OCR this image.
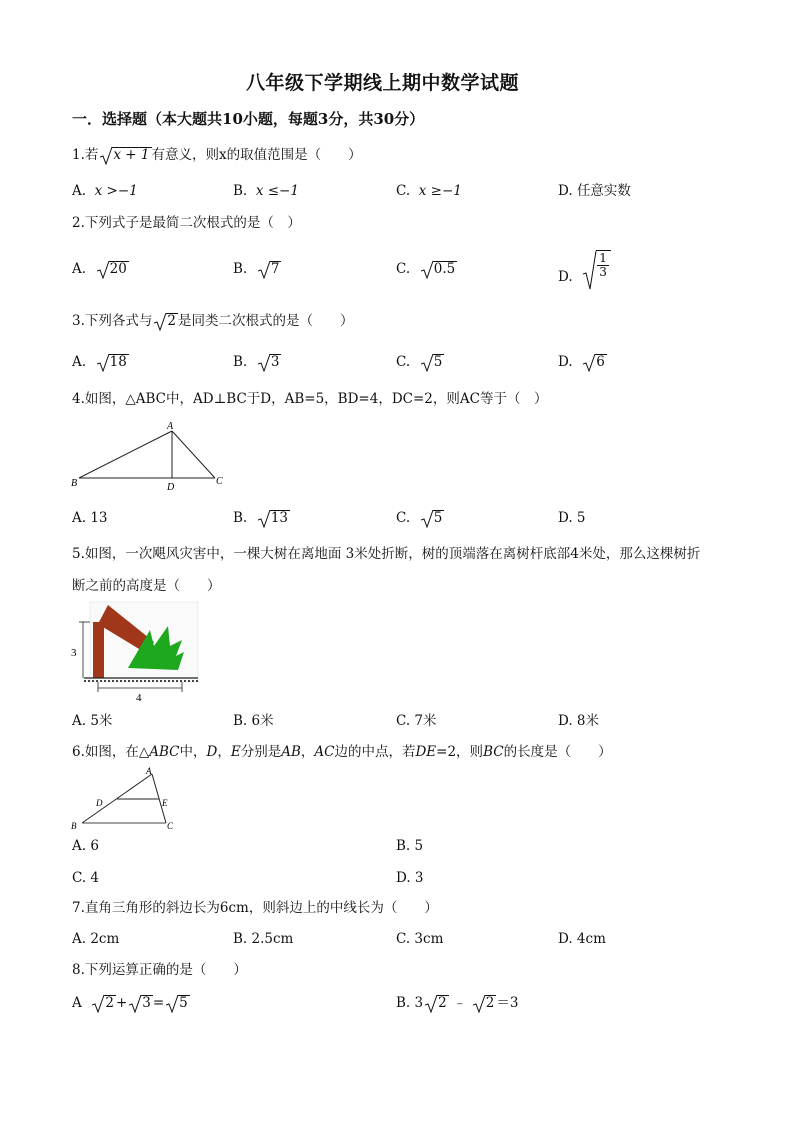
八年级下学期线上期中数学试题
一．选择题（本大题共10小题，每题3分，共30分）
1.若 x + 1 有意义，则x的取值范围是（　　）
A. x >−1	B. x ≤−1	C. x ≥−1	D. 任意实数
2.下列式子是最简二次根式的是（　）
A. 20	B. 7	C. 0.5	D. $\frac{1}{3}$
3.下列各式与 2 是同类二次根式的是（　　）
A. 18	B. 3	C. 5	D. 6
4.如图，△ABC中，AD⊥BC于D，AB=5，BD=4，DC=2，则AC等于（　）
A
B	D
C
A. 13	B. 13	C. 5	D. 5
5.如图，一次飓风灾害中，一棵大树在离地面 3米处折断，树的顶端落在离树杆底部4米处，那么这棵树折
断之前的高度是（　　）
3
4
A. 5米	B. 6米	C. 7米	D. 8米
6.如图，在△ABC中，D，E分别是AB，AC边的中点，若DE=2，则BC的长度是（　　）
A
D	E
B	C
A. 6	B. 5
C. 4	D. 3
7.直角三角形的斜边长为6cm，则斜边上的中线长为（　　）
A. 2cm	B. 2.5cm	C. 3cm	D. 4cm
8.下列运算正确的是（　　）
A 2 + 3 = 5	B. 3 2 ﹣ 2 ＝3
